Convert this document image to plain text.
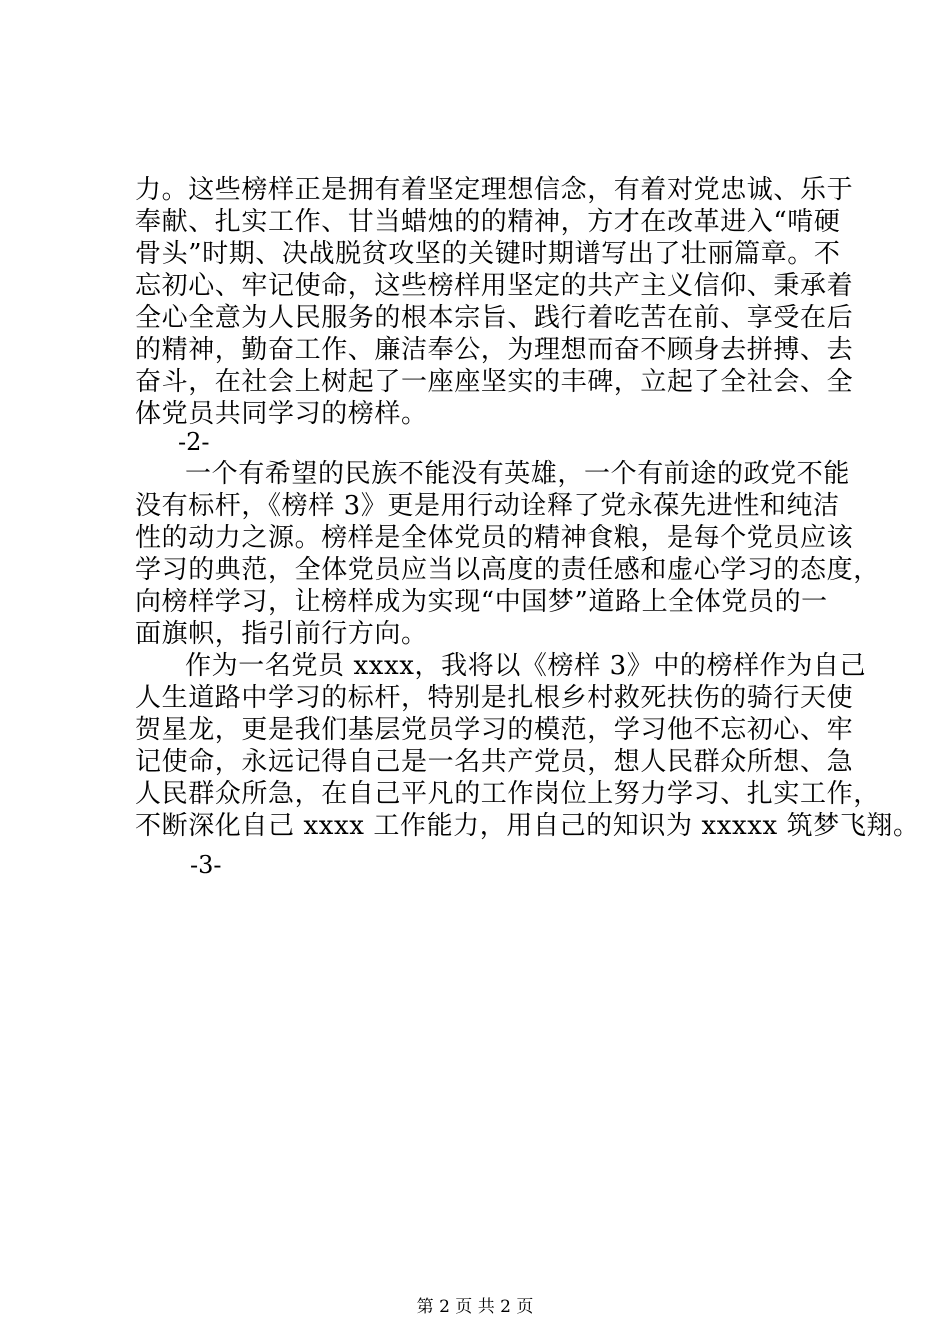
力。这些榜样正是拥有着坚定理想信念，有着对党忠诚、乐于
奉献、扎实工作、甘当蜡烛的的精神，方才在改革进入“啃硬
骨头”时期、决战脱贫攻坚的关键时期谱写出了壮丽篇章。不
忘初心、牢记使命，这些榜样用坚定的共产主义信仰、秉承着
全心全意为人民服务的根本宗旨、践行着吃苦在前、享受在后
的精神，勤奋工作、廉洁奉公，为理想而奋不顾身去拼搏、去
奋斗，在社会上树起了一座座坚实的丰碑，立起了全社会、全
体党员共同学习的榜样。
-2-
一个有希望的民族不能没有英雄，一个有前途的政党不能
没有标杆，《榜样 3》更是用行动诠释了党永葆先进性和纯洁
性的动力之源。榜样是全体党员的精神食粮，是每个党员应该
学习的典范，全体党员应当以高度的责任感和虚心学习的态度，
向榜样学习，让榜样成为实现“中国梦”道路上全体党员的一
面旗帜，指引前行方向。
作为一名党员 xxxx，我将以《榜样 3》中的榜样作为自己
人生道路中学习的标杆，特别是扎根乡村救死扶伤的骑行天使
贺星龙，更是我们基层党员学习的模范，学习他不忘初心、牢
记使命，永远记得自己是一名共产党员，想人民群众所想、急
人民群众所急，在自己平凡的工作岗位上努力学习、扎实工作，
不断深化自己 xxxx 工作能力，用自己的知识为 xxxxx 筑梦飞翔。
-3-
第 2 页 共 2 页
